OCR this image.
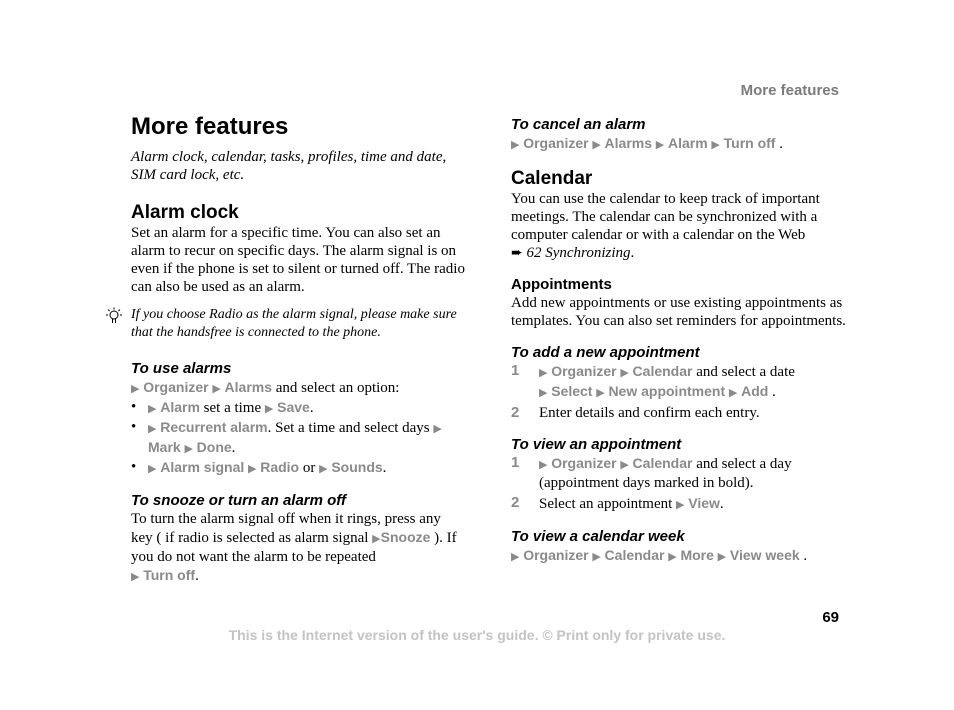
More features
More features
Alarm clock, calendar, tasks, profiles, time and date, SIM card lock, etc.
Alarm clock

Set an alarm for a specific time. You can also set an alarm to recur on specific days. The alarm signal is on even if the phone is set to silent or turned off. The radio can also be used as an alarm.

If you choose Radio as the alarm signal, please make sure that the handsfree is connected to the phone.
To use alarms

▶ Organizer ▶ Alarms and select an option:

•	▶ Alarm set a time ▶ Save.
•	▶ Recurrent alarm. Set a time and select days ▶ Mark ▶ Done.
•	▶ Alarm signal ▶ Radio or ▶ Sounds.
To snooze or turn an alarm off

To turn the alarm signal off when it rings, press any key ( if radio is selected as alarm signal ▶Snooze ). If you do not want the alarm to be repeated
▶ Turn off.

To cancel an alarm

▶ Organizer ▶ Alarms ▶ Alarm ▶ Turn off .

Calendar

You can use the calendar to keep track of important meetings. The calendar can be synchronized with a computer calendar or with a calendar on the Web
➨ 62 Synchronizing.

Appointments

Add new appointments or use existing appointments as templates. You can also set reminders for appointments.

To add a new appointment
1	▶ Organizer ▶ Calendar and select a date
▶ Select ▶ New appointment ▶ Add .
2	Enter details and confirm each entry.
To view an appointment
1	▶ Organizer ▶ Calendar and select a day (appointment days marked in bold).
2	Select an appointment ▶ View.
To view a calendar week

▶ Organizer ▶ Calendar ▶ More ▶ View week .

69
This is the Internet version of the user's guide. © Print only for private use.
